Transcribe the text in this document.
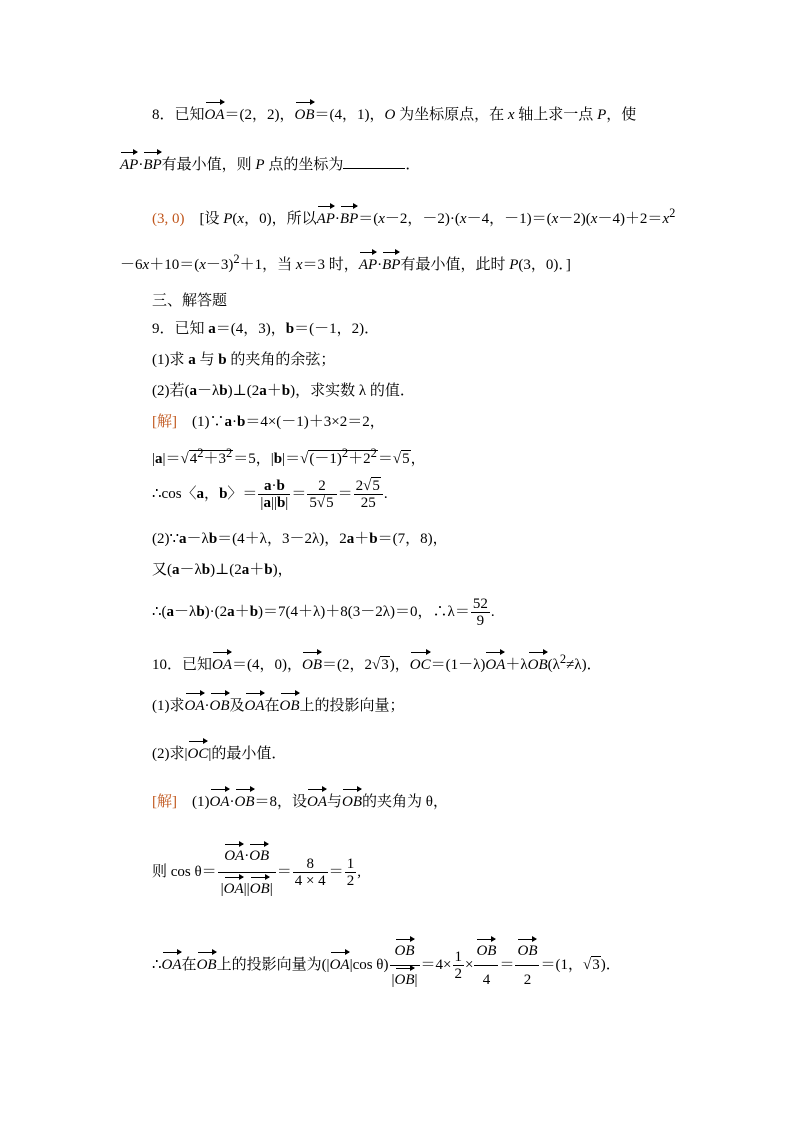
8．已知OA＝(2，2)，OB＝(4，1)，O 为坐标原点，在 x 轴上求一点 P，使
AP·BP有最小值，则 P 点的坐标为	．
(3, 0)　[设 P(x，0)，所以AP·BP＝(x－2，－2)·(x－4，$-1)=(x-2)(x-4)+2=x^2$
$-6x+10=(x-3)^2+1$，当 x＝3 时，AP·BP有最小值，此时 P(3，0)．]
三、解答题
9．已知 a＝(4，3)，b＝(－1，2)．
(1)求 a 与 b 的夹角的余弦；
(2)若(a－λb)⊥(2a＋b)，求实数 λ 的值．
[解]　(1)∵a·b＝4×(－1)＋3×2＝2，
$|a|=√4^2+3^2=5$，$|b|=√(-1)^2+2^2=√5$，
∴cos〈a，b〉＝ $\frac{a\cdot b}{|a||b|} = \frac{2}{5√5} = \frac{2√5}{25}$ .
(2)∵a－λb＝(4＋λ，3－2λ)，2a＋b＝(7，8)，
又(a－λb)⊥(2a＋b)，
∴(a－λb)·(2a＋b)＝7(4＋λ)＋8(3－2λ)＝0，∴λ＝ $\frac{52}{9}$ .
10．已知OA＝(4，0)，OB＝(2，2√3)，$OC=(1-\lambda)OA+\lambda OB(\lambda^2\ne\lambda)$．
(1)求OA·OB及OA在OB上的投影向量；
(2)求|OC|的最小值．
[解]　(1)OA·OB＝8，设OA与OB的夹角为 θ，
则 $\cos \theta= \frac{OA\cdot OB}{|OA||OB|} = \frac{8}{4 \times 4} = \frac{1}{2}$ ,
∴OA在OB上的投影向量为(|OA|cos $\theta) \frac{OB}{|OB|} =4\times \frac{1}{2} \times \frac{OB}{4} = \frac{OB}{2} =(1$，√3)．
